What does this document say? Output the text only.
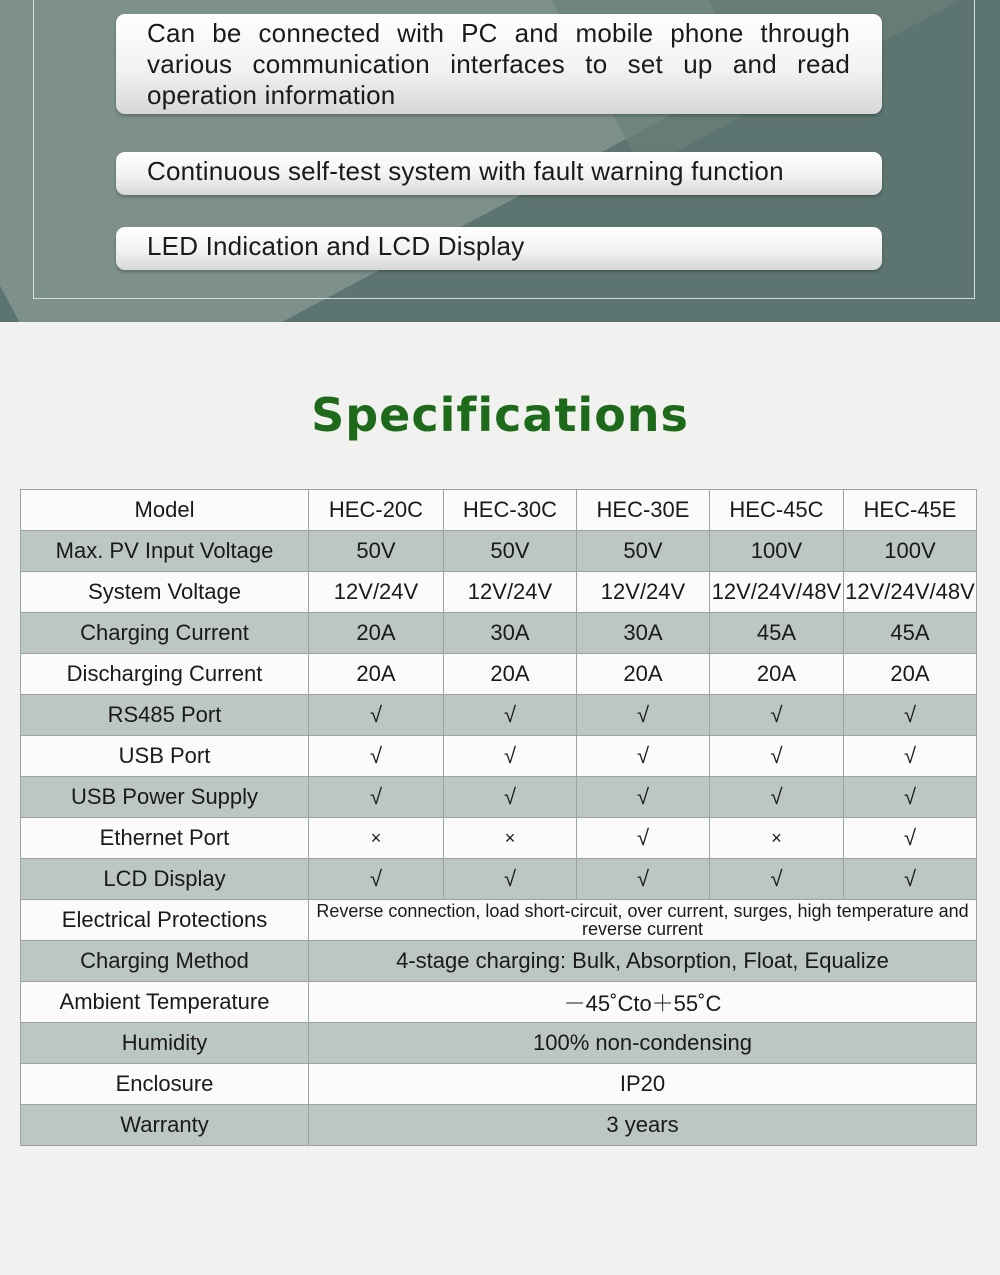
Can be connected with PC and mobile phone through various communication interfaces to set up and read operation information
Continuous self-test system with fault warning function
LED Indication and LCD Display
Specifications
Model	HEC-20C	HEC-30C	HEC-30E	HEC-45C	HEC-45E
Max. PV Input Voltage	50V	50V	50V	100V	100V
System Voltage	12V/24V	12V/24V	12V/24V	12V/24V/48V	12V/24V/48V
Charging Current	20A	30A	30A	45A	45A
Discharging Current	20A	20A	20A	20A	20A
RS485 Port	√	√	√	√	√
USB Port	√	√	√	√	√
USB Power Supply	√	√	√	√	√
Ethernet Port	×	×	√	×	√
LCD Display	√	√	√	√	√
Electrical Protections	Reverse connection, load short-circuit, over current, surges, high temperature and reverse current				
Charging Method	4-stage charging: Bulk, Absorption, Float, Equalize				
Ambient Temperature	－45˚Cto＋55˚C				
Humidity	100% non-condensing				
Enclosure	IP20				
Warranty	3 years				
